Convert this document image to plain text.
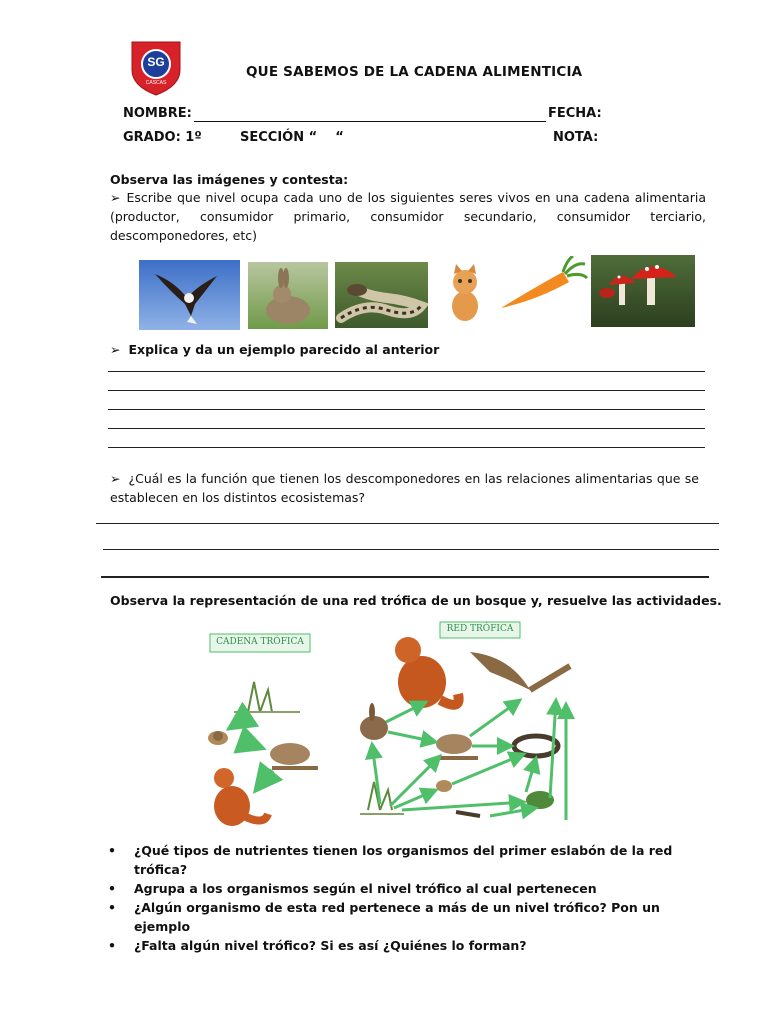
SG
CASCAS
QUE SABEMOS DE LA CADENA ALIMENTICIA
NOMBRE:	FECHA:
GRADO: 1º	SECCIÓN “    “	NOTA:
Observa las imágenes y contesta:
➢ Escribe que nivel ocupa cada uno de los siguientes seres vivos en una cadena alimentaria (productor, consumidor primario, consumidor secundario, consumidor terciario, descomponedores, etc)
➢ Explica y da un ejemplo parecido al anterior
➢ ¿Cuál es la función que tienen los descomponedores en las relaciones alimentarias que se establecen en los distintos ecosistemas?
Observa la representación de una red trófica de un bosque y, resuelve las actividades.
CADENA TRÓFICA
RED TRÓFICA
•	¿Qué tipos de nutrientes tienen los organismos del primer eslabón de la red trófica?
•	Agrupa a los organismos según el nivel trófico al cual pertenecen
•	¿Algún organismo de esta red pertenece a más de un nivel trófico? Pon un ejemplo
•	¿Falta algún nivel trófico? Si es así ¿Quiénes lo forman?
